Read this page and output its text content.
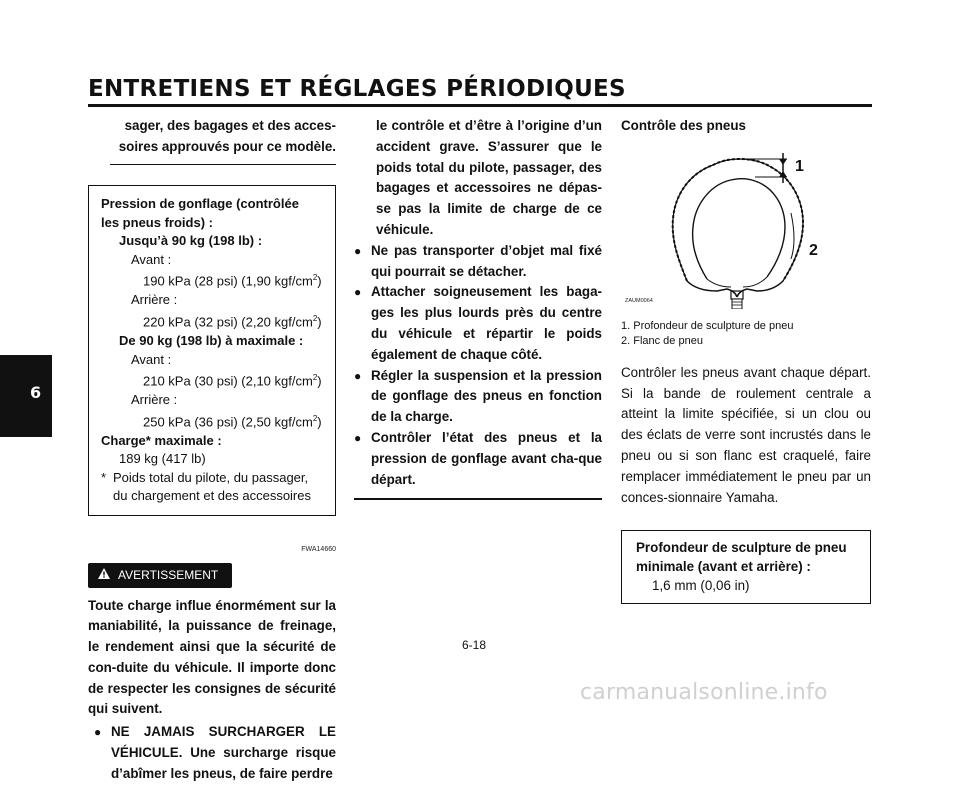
ENTRETIENS ET RÉGLAGES PÉRIODIQUES
6
sager, des bagages et des acces-
soires approuvés pour ce modèle.
Pression de gonflage (contrôlée
les pneus froids) :
Jusqu’à 90 kg (198 lb) :
Avant :
190 kPa (28 psi) (1,90 kgf/$cm^2$)
Arrière :
220 kPa (32 psi) (2,20 kgf/$cm^2$)
De 90 kg (198 lb) à maximale :
Avant :
210 kPa (30 psi) (2,10 kgf/$cm^2$)
Arrière :
250 kPa (36 psi) (2,50 kgf/$cm^2$)
Charge* maximale :
189 kg (417 lb)
* Poids total du pilote, du passager,
du chargement et des accessoires
FWA14660
AVERTISSEMENT
Toute charge influe énormément sur la maniabilité, la puissance de freinage, le rendement ainsi que la sécurité de con-duite du véhicule. Il importe donc de respecter les consignes de sécurité qui suivent.
● NE JAMAIS SURCHARGER LE VÉHICULE. Une surcharge risque d’abîmer les pneus, de faire perdre
le contrôle et d’être à l’origine d’un accident grave. S’assurer que le poids total du pilote, passager, des bagages et accessoires ne dépas-se pas la limite de charge de ce véhicule.
● Ne pas transporter d’objet mal fixé qui pourrait se détacher.
● Attacher soigneusement les baga-ges les plus lourds près du centre du véhicule et répartir le poids également de chaque côté.
● Régler la suspension et la pression de gonflage des pneus en fonction de la charge.
● Contrôler l’état des pneus et la pression de gonflage avant cha-que départ.
Contrôle des pneus
1
2
ZAUM0064
1. Profondeur de sculpture de pneu
2. Flanc de pneu
Contrôler les pneus avant chaque départ. Si la bande de roulement centrale a atteint la limite spécifiée, si un clou ou des éclats de verre sont incrustés dans le pneu ou si son flanc est craquelé, faire remplacer immédiatement le pneu par un conces-sionnaire Yamaha.
Profondeur de sculpture de pneu
minimale (avant et arrière) :
1,6 mm (0,06 in)
6-18
carmanualsonline.info
